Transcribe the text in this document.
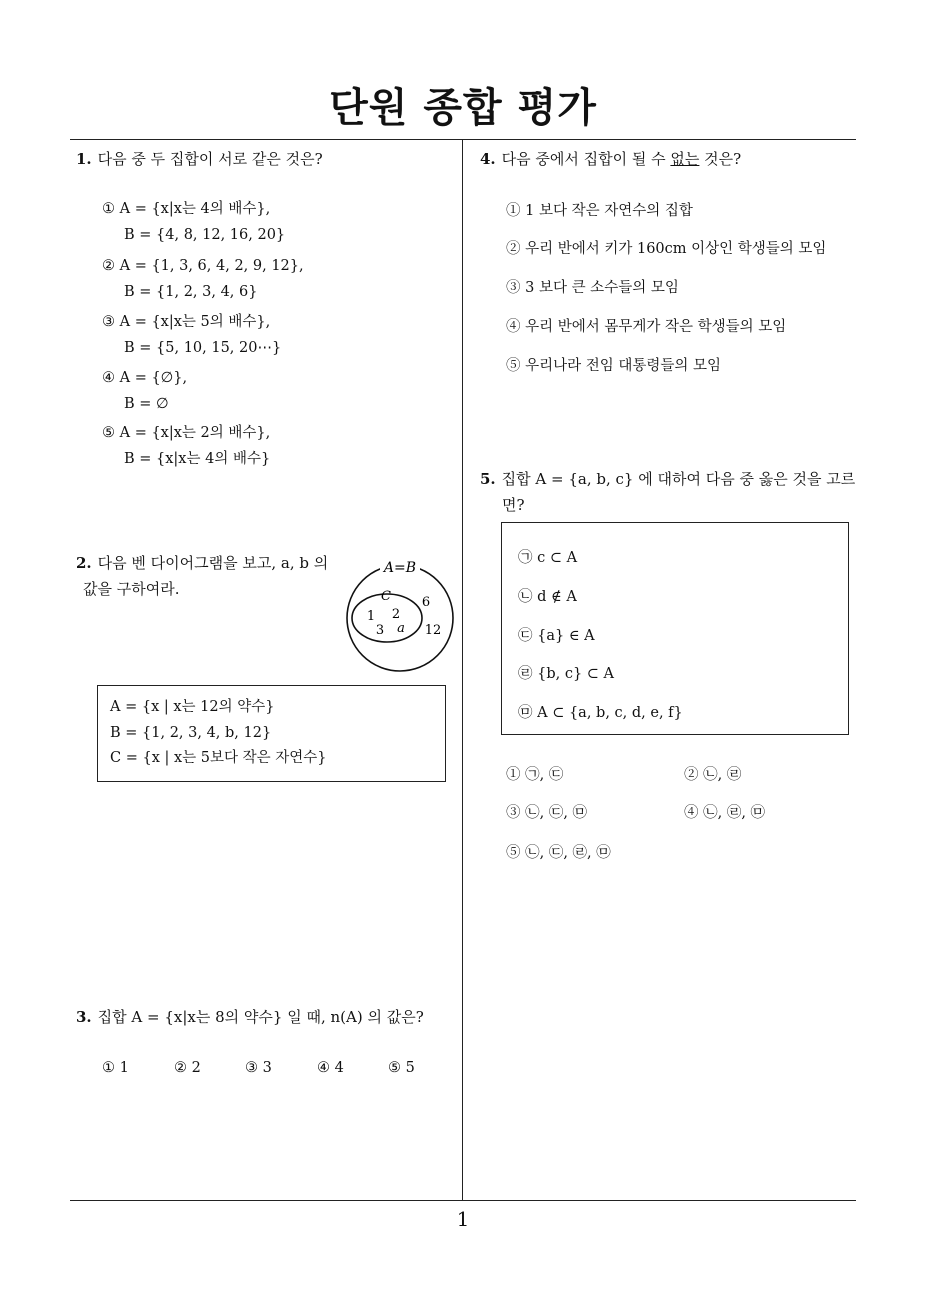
단원 종합 평가
1
1. 다음 중 두 집합이 서로 같은 것은?
① A = {x|x는 4의 배수},
B = {4, 8, 12, 16, 20}
② A = {1, 3, 6, 4, 2, 9, 12},
B = {1, 2, 3, 4, 6}
③ A = {x|x는 5의 배수},
B = {5, 10, 15, 20⋯}
④ A = {∅},
B = ∅
⑤ A = {x|x는 2의 배수},
B = {x|x는 4의 배수}
2. 다음 벤 다이어그램을 보고, a, b 의
값을 구하여라.
A=B
C
1 2
3 a
6
12
A = {x | x는 12의 약수}
B = {1, 2, 3, 4, b, 12}
C = {x | x는 5보다 작은 자연수}
3. 집합 A = {x|x는 8의 약수} 일 때, n(A) 의 값은?
① 1	② 2	③ 3	④ 4	⑤ 5
4. 다음 중에서 집합이 될 수 없는 것은?
① 1 보다 작은 자연수의 집합
② 우리 반에서 키가 160cm 이상인 학생들의 모임
③ 3 보다 큰 소수들의 모임
④ 우리 반에서 몸무게가 작은 학생들의 모임
⑤ 우리나라 전임 대통령들의 모임
5. 집합 A = {a, b, c} 에 대하여 다음 중 옳은 것을 고르
면?
㉠ c ⊂ A
㉡ d ∉ A
㉢ {a} ∈ A
㉣ {b, c} ⊂ A
㉤ A ⊂ {a, b, c, d, e, f}
① ㉠, ㉢	② ㉡, ㉣
③ ㉡, ㉢, ㉤	④ ㉡, ㉣, ㉤
⑤ ㉡, ㉢, ㉣, ㉤
